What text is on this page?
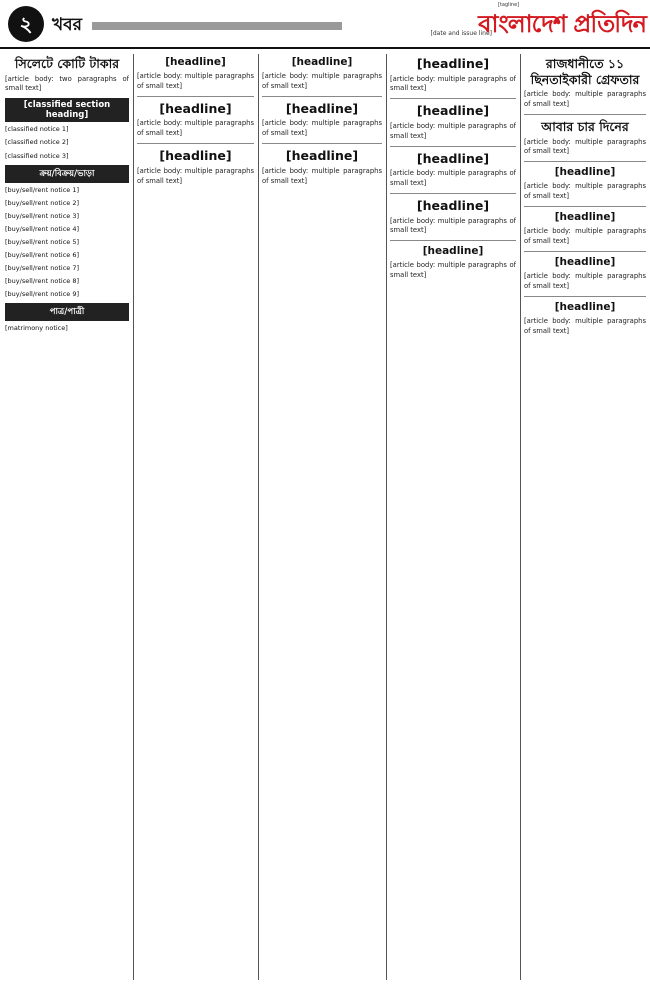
২	খবর	[date and issue line]
[tagline]
বাংলাদেশ প্রতিদিন
সিলেটে কোটি টাকার

[article body: two paragraphs of small text]

[classified section heading]

[classified notice 1]

[classified notice 2]

[classified notice 3]

ক্রয়/বিক্রয়/ভাড়া

[buy/sell/rent notice 1]

[buy/sell/rent notice 2]

[buy/sell/rent notice 3]

[buy/sell/rent notice 4]

[buy/sell/rent notice 5]

[buy/sell/rent notice 6]

[buy/sell/rent notice 7]

[buy/sell/rent notice 8]

[buy/sell/rent notice 9]

পাত্র/পাত্রী

[matrimony notice]

[headline]

[article body: multiple paragraphs of small text]

[headline]

[article body: multiple paragraphs of small text]

[headline]

[article body: multiple paragraphs of small text]

[headline]

[article body: multiple paragraphs of small text]

[headline]

[article body: multiple paragraphs of small text]

[headline]

[article body: multiple paragraphs of small text]

[headline]

[article body: multiple paragraphs of small text]

[headline]

[article body: multiple paragraphs of small text]

[headline]

[article body: multiple paragraphs of small text]

[headline]

[article body: multiple paragraphs of small text]

[headline]

[article body: multiple paragraphs of small text]

রাজধানীতে ১১ ছিনতাইকারী গ্রেফতার

[article body: multiple paragraphs of small text]

আবার চার দিনের

[article body: multiple paragraphs of small text]

[headline]

[article body: multiple paragraphs of small text]

[headline]

[article body: multiple paragraphs of small text]

[headline]

[article body: multiple paragraphs of small text]

[headline]

[article body: multiple paragraphs of small text]
